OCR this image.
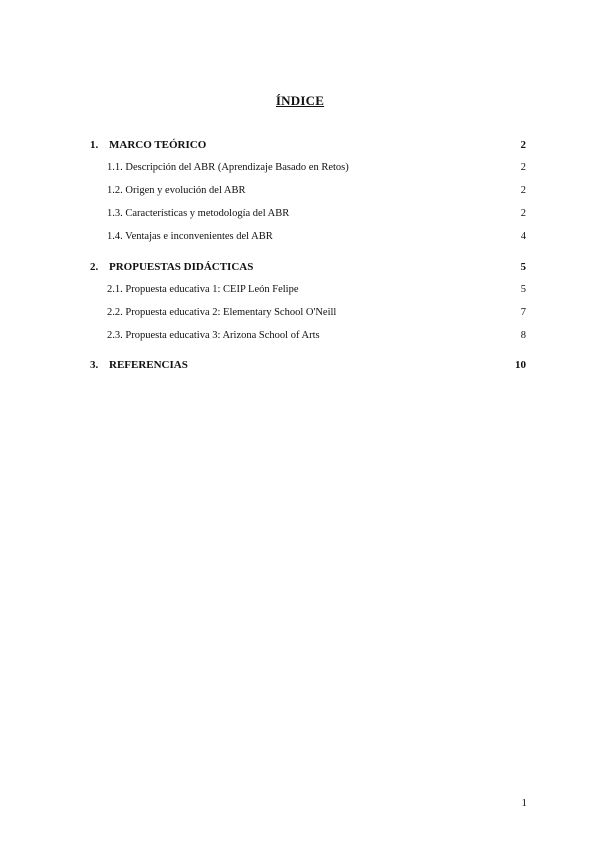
ÍNDICE
1. MARCO TEÓRICO	2
1.1. Descripción del ABR (Aprendizaje Basado en Retos)	2
1.2. Origen y evolución del ABR	2
1.3. Características y metodología del ABR	2
1.4. Ventajas e inconvenientes del ABR	4
2. PROPUESTAS DIDÁCTICAS	5
2.1. Propuesta educativa 1: CEIP León Felipe	5
2.2. Propuesta educativa 2: Elementary School O'Neill	7
2.3. Propuesta educativa 3: Arizona School of Arts	8
3. REFERENCIAS	10
1
